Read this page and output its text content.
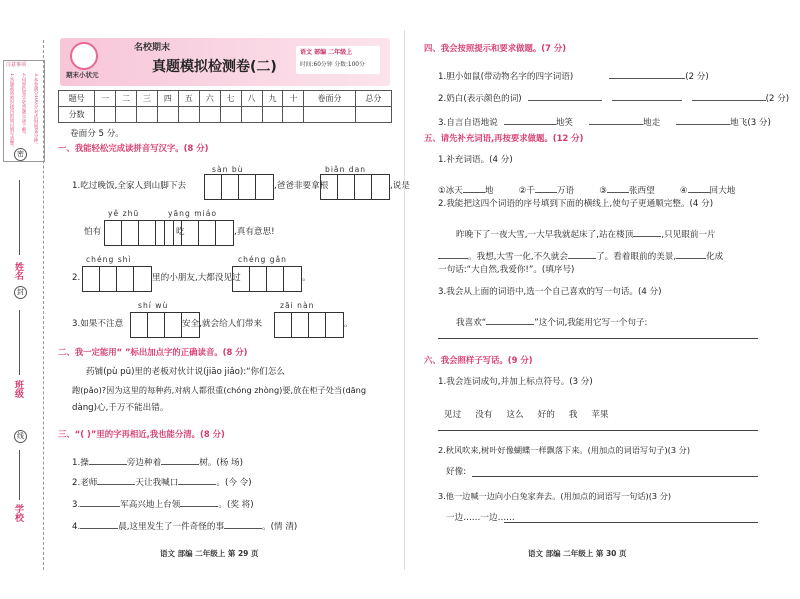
注意事项
1.答题前将密封线内的项目填写清楚。 2.用黑色签字笔答题,字迹工整。 3.本卷满分100分,考试时间60分钟。
密
封
线
姓名
班级
学校
期末小状元
名校期末
真题模拟检测卷(二)
语文 部编 二年级上
时间:60分钟 分数:100分
题号	一	二	三	四	五	六	七	八	九	十	卷面分	总分
分数												
卷面分 5 分。
一、我能轻松完成读拼音写汉字。(8 分)
sàn bù	biǎn dan
1.吃过晚饭,全家人到山脚下去	,爸爸非要拿根	,说是
yě zhū	yāng miáo
怕有	吃	,真有意思!
chéng shì	chéng gǎn
2.	里的小朋友,大都没见过	。
shí wù	zāi nàn
3.如果不注意	安全,就会给人们带来	。
二、我一定能用“ ”标出加点字的正确读音。(8 分)
药铺(pù pū)里的老板对伙计说(jiāo jiǎo):“你们怎么
跑(pǎo)?因为这里的每种药,对病人都很重(chóng zhòng)要,放在柜子处当(dāng
dàng)心,千万不能出错。
三、“( )”里的字再相近,我也能分清。(8 分)
1.操	旁边种着	树。(杨 场)
2.老师	天让我喊口	。(今 令)
3.	军高兴地上台领	。(奖 将)
4.	晨,这里发生了一件奇怪的事	。(情 清)
语文 部编 二年级上 第 29 页
四、我会按照提示和要求做题。(7 分)
1.胆小如鼠(带动物名字的四字词语)	(2 分)
2.奶白(表示颜色的词)	(2 分)
3.自言自语地说	地笑	地走	地飞(3 分)
五、请先补充词语,再按要求做题。(12 分)
1.补充词语。(4 分)
①冰天	地	②千	万语	③	张西望	④	回大地
2.我能把这四个词语的序号填到下面的横线上,使句子更通顺完整。(4 分)
昨晚下了一夜大雪,一大早我就起床了,站在楼顶	,只见眼前一片
。我想,大雪一化,不久就会	了。看着眼前的美景,	化成
一句话:“大自然,我爱你!”。(填序号)
3.我会从上面的词语中,选一个自己喜欢的写一句话。(4 分)
我喜欢“	”这个词,我能用它写一个句子:
六、我会照样子写话。(9 分)
1.我会连词成句,并加上标点符号。(3 分)
见过 没有 这么 好的 我 苹果
2.秋风吹来,树叶好像蝴蝶一样飘落下来。(用加点的词语写句子)(3 分)
好像:
3.他一边喊一边向小白兔家奔去。(用加点的词语写一句话)(3 分)
一边……一边……
语文 部编 二年级上 第 30 页
